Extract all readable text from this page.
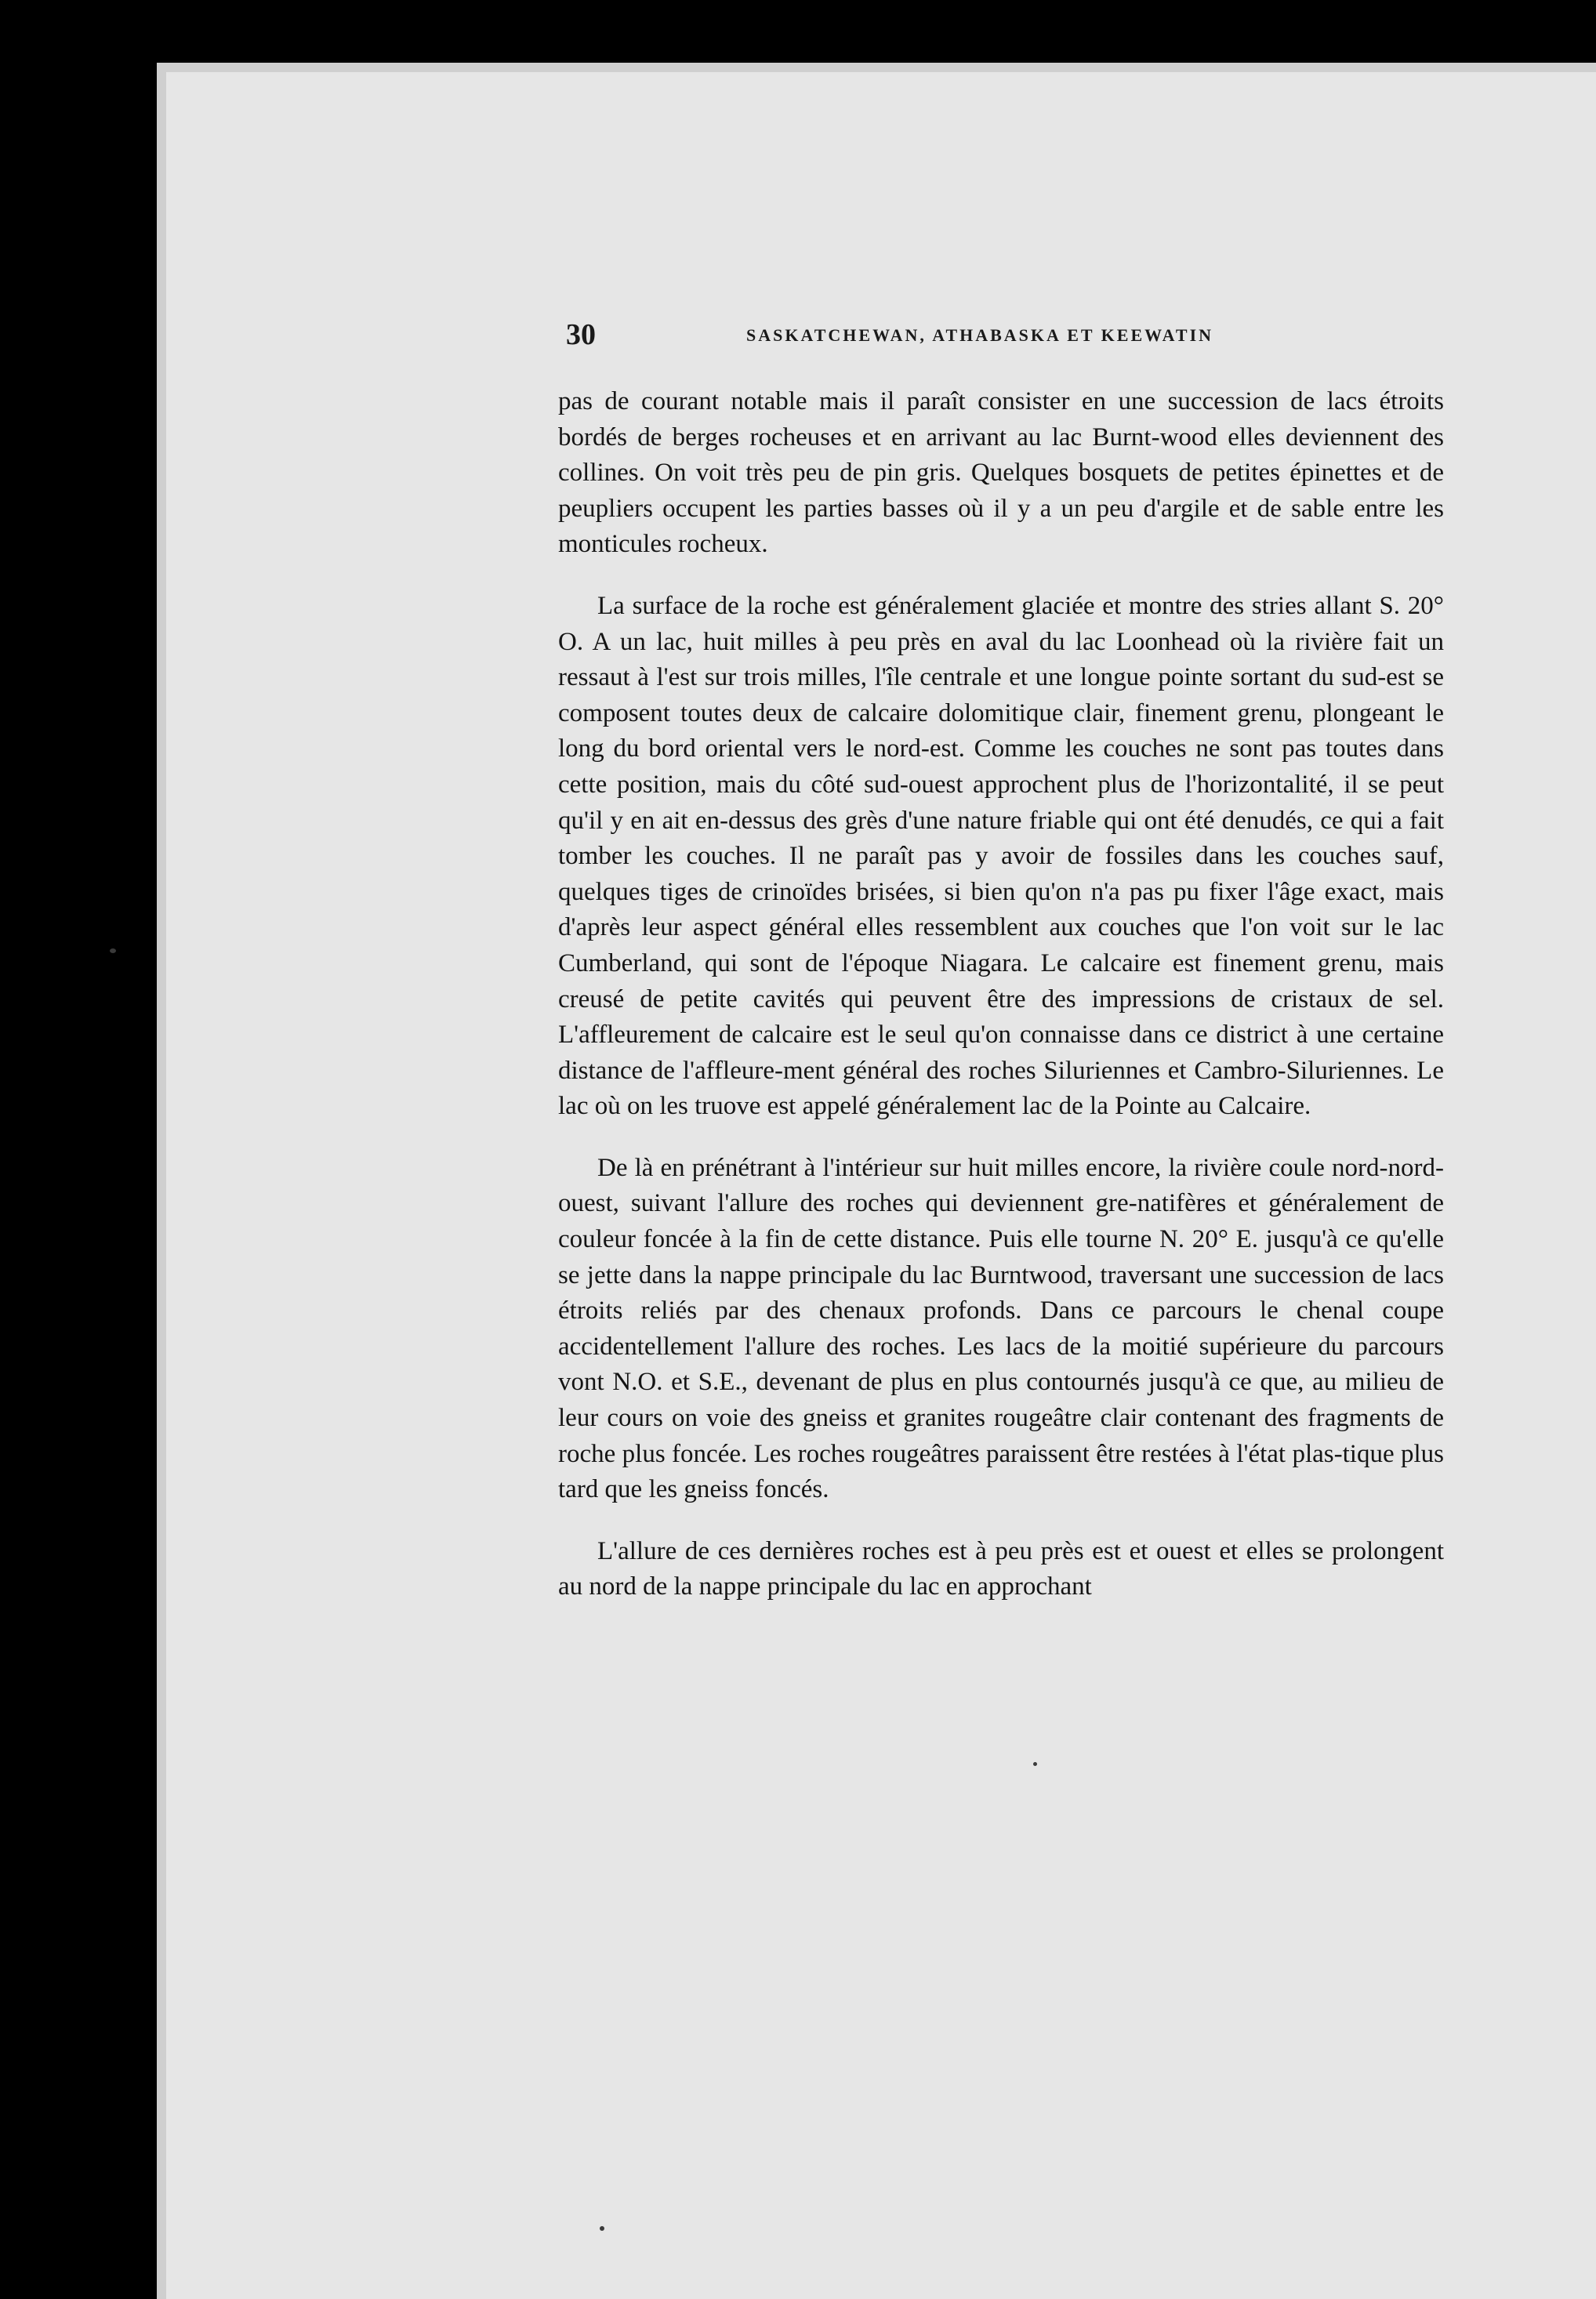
30	SASKATCHEWAN, ATHABASKA ET KEEWATIN

pas de courant notable mais il paraît consister en une succession de lacs étroits bordés de berges rocheuses et en arrivant au lac Burnt-wood elles deviennent des collines. On voit très peu de pin gris. Quelques bosquets de petites épinettes et de peupliers occupent les parties basses où il y a un peu d'argile et de sable entre les monticules rocheux.

La surface de la roche est généralement glaciée et montre des stries allant S. 20° O. A un lac, huit milles à peu près en aval du lac Loonhead où la rivière fait un ressaut à l'est sur trois milles, l'île centrale et une longue pointe sortant du sud-est se composent toutes deux de calcaire dolomitique clair, finement grenu, plongeant le long du bord oriental vers le nord-est. Comme les couches ne sont pas toutes dans cette position, mais du côté sud-ouest approchent plus de l'horizontalité, il se peut qu'il y en ait en-dessus des grès d'une nature friable qui ont été denudés, ce qui a fait tomber les couches. Il ne paraît pas y avoir de fossiles dans les couches sauf, quelques tiges de crinoïdes brisées, si bien qu'on n'a pas pu fixer l'âge exact, mais d'après leur aspect général elles ressemblent aux couches que l'on voit sur le lac Cumberland, qui sont de l'époque Niagara. Le calcaire est finement grenu, mais creusé de petite cavités qui peuvent être des impressions de cristaux de sel. L'affleurement de calcaire est le seul qu'on connaisse dans ce district à une certaine distance de l'affleure-ment général des roches Siluriennes et Cambro-Siluriennes. Le lac où on les truove est appelé généralement lac de la Pointe au Calcaire.

De là en prénétrant à l'intérieur sur huit milles encore, la rivière coule nord-nord-ouest, suivant l'allure des roches qui deviennent gre-natifères et généralement de couleur foncée à la fin de cette distance. Puis elle tourne N. 20° E. jusqu'à ce qu'elle se jette dans la nappe principale du lac Burntwood, traversant une succession de lacs étroits reliés par des chenaux profonds. Dans ce parcours le chenal coupe accidentellement l'allure des roches. Les lacs de la moitié supérieure du parcours vont N.O. et S.E., devenant de plus en plus contournés jusqu'à ce que, au milieu de leur cours on voie des gneiss et granites rougeâtre clair contenant des fragments de roche plus foncée. Les roches rougeâtres paraissent être restées à l'état plas-tique plus tard que les gneiss foncés.

L'allure de ces dernières roches est à peu près est et ouest et elles se prolongent au nord de la nappe principale du lac en approchant
